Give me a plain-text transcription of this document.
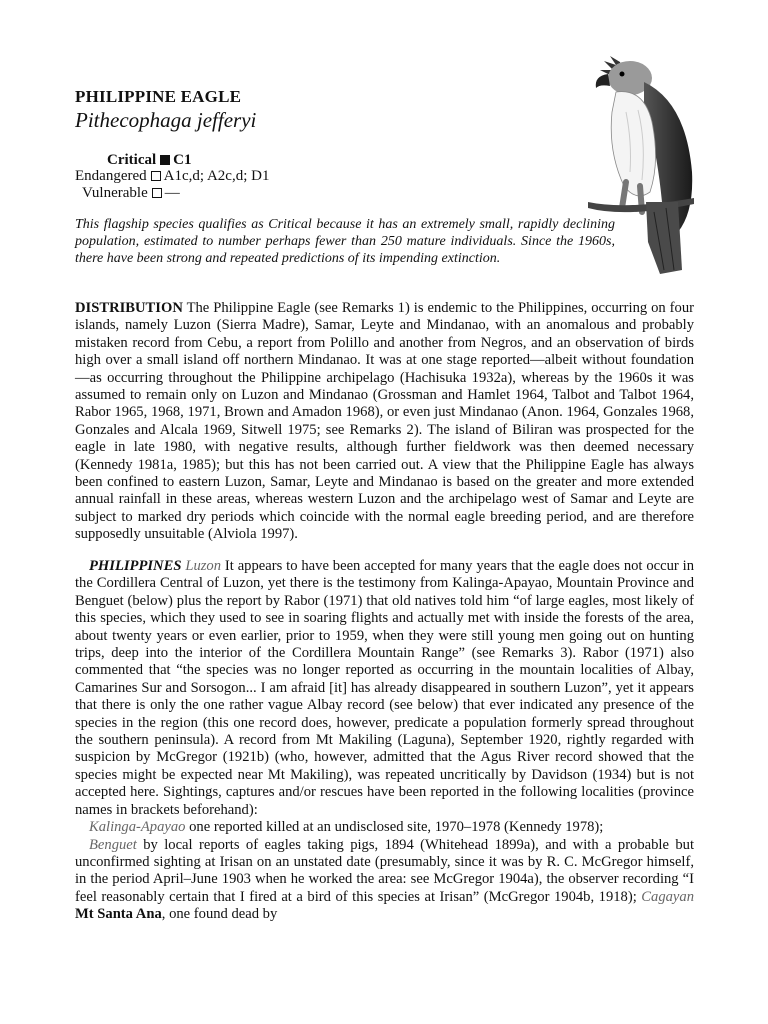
PHILIPPINE EAGLE
Pithecophaga jefferyi
Critical C1
Endangered A1c,d; A2c,d; D1
Vulnerable —
This flagship species qualifies as Critical because it has an extremely small, rapidly declining population, estimated to number perhaps fewer than 250 mature individuals. Since the 1960s, there have been strong and repeated predictions of its impending extinction.
DISTRIBUTION The Philippine Eagle (see Remarks 1) is endemic to the Philippines, occurring on four islands, namely Luzon (Sierra Madre), Samar, Leyte and Mindanao, with an anomalous and probably mistaken record from Cebu, a report from Polillo and another from Negros, and an observation of birds high over a small island off northern Mindanao. It was at one stage reported—albeit without foundation—as occurring throughout the Philippine archipelago (Hachisuka 1932a), whereas by the 1960s it was assumed to remain only on Luzon and Mindanao (Grossman and Hamlet 1964, Talbot and Talbot 1964, Rabor 1965, 1968, 1971, Brown and Amadon 1968), or even just Mindanao (Anon. 1964, Gonzales 1968, Gonzales and Alcala 1969, Sitwell 1975; see Remarks 2). The island of Biliran was prospected for the eagle in late 1980, with negative results, although further fieldwork was then deemed necessary (Kennedy 1981a, 1985); but this has not been carried out. A view that the Philippine Eagle has always been confined to eastern Luzon, Samar, Leyte and Mindanao is based on the greater and more extended annual rainfall in these areas, whereas western Luzon and the archipelago west of Samar and Leyte are subject to marked dry periods which coincide with the normal eagle breeding period, and are therefore supposedly unsuitable (Alviola 1997).
PHILIPPINES Luzon It appears to have been accepted for many years that the eagle does not occur in the Cordillera Central of Luzon, yet there is the testimony from Kalinga-Apayao, Mountain Province and Benguet (below) plus the report by Rabor (1971) that old natives told him “of large eagles, most likely of this species, which they used to see in soaring flights and actually met with inside the forests of the area, about twenty years or even earlier, prior to 1959, when they were still young men going out on hunting trips, deep into the interior of the Cordillera Mountain Range” (see Remarks 3). Rabor (1971) also commented that “the species was no longer reported as occurring in the mountain localities of Albay, Camarines Sur and Sorsogon... I am afraid [it] has already disappeared in southern Luzon”, yet it appears that there is only the one rather vague Albay record (see below) that ever indicated any presence of the species in the region (this one record does, however, predicate a population formerly spread throughout the southern peninsula). A record from Mt Makiling (Laguna), September 1920, rightly regarded with suspicion by McGregor (1921b) (who, however, admitted that the Agus River record showed that the species might be expected near Mt Makiling), was repeated uncritically by Davidson (1934) but is not accepted here. Sightings, captures and/or rescues have been reported in the following localities (province names in brackets beforehand):
Kalinga-Apayao one reported killed at an undisclosed site, 1970–1978 (Kennedy 1978);
Benguet by local reports of eagles taking pigs, 1894 (Whitehead 1899a), and with a probable but unconfirmed sighting at Irisan on an unstated date (presumably, since it was by R. C. McGregor himself, in the period April–June 1903 when he worked the area: see McGregor 1904a), the observer recording “I feel reasonably certain that I fired at a bird of this species at Irisan” (McGregor 1904b, 1918); Cagayan Mt Santa Ana, one found dead by
